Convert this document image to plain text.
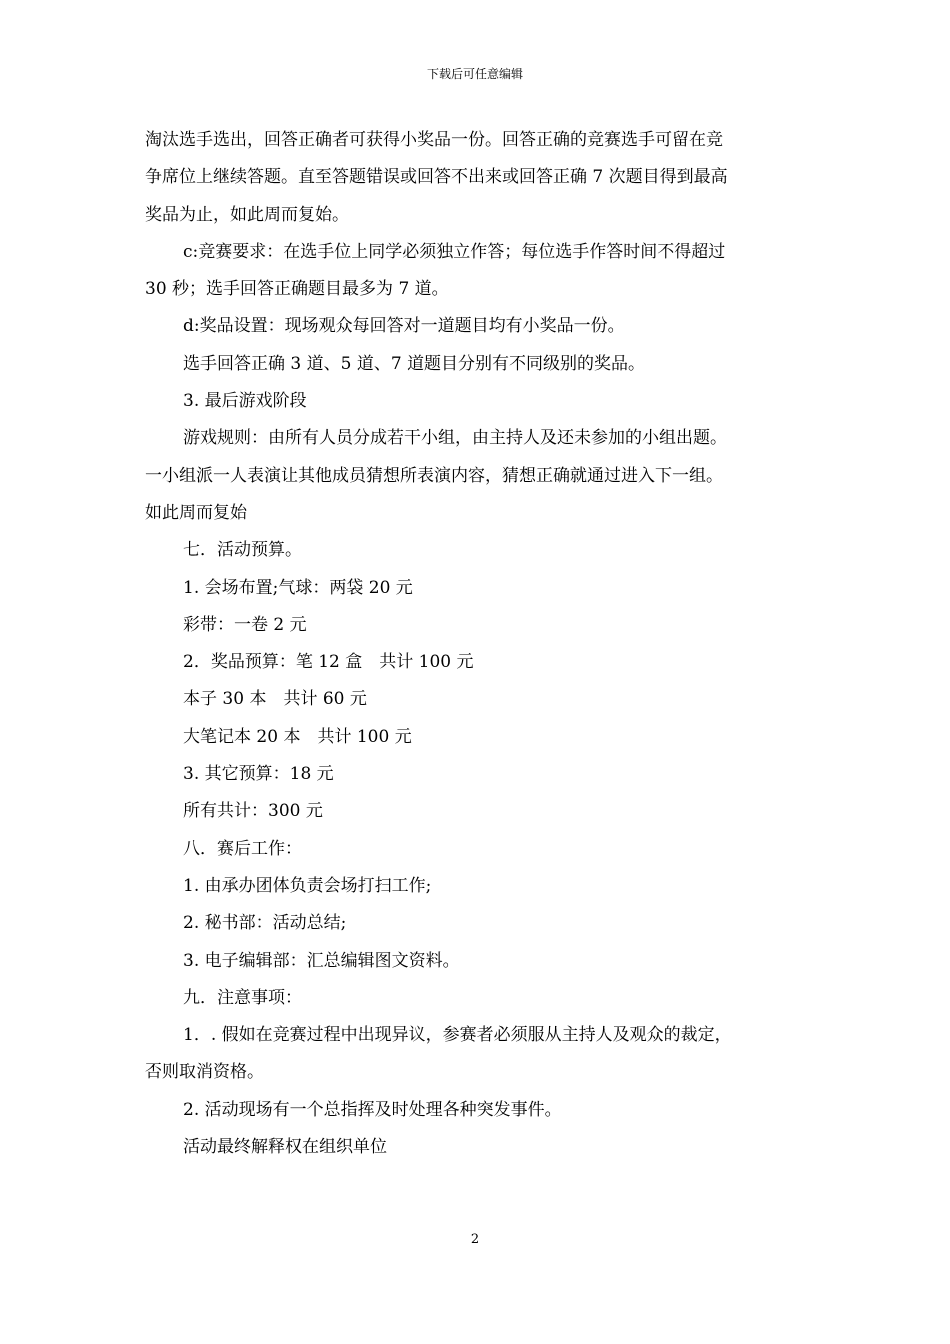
下载后可任意编辑

淘汰选手选出，回答正确者可获得小奖品一份。回答正确的竞赛选手可留在竞

争席位上继续答题。直至答题错误或回答不出来或回答正确 7 次题目得到最高

奖品为止，如此周而复始。

c:竞赛要求：在选手位上同学必须独立作答；每位选手作答时间不得超过

30 秒；选手回答正确题目最多为 7 道。

d:奖品设置：现场观众每回答对一道题目均有小奖品一份。

选手回答正确 3 道、5 道、7 道题目分别有不同级别的奖品。

3. 最后游戏阶段

游戏规则：由所有人员分成若干小组，由主持人及还未参加的小组出题。

一小组派一人表演让其他成员猜想所表演内容，猜想正确就通过进入下一组。

如此周而复始

七．活动预算。

1. 会场布置;气球：两袋 20 元

彩带：一卷 2 元

2．奖品预算：笔 12 盒　共计 100 元

本子 30 本　共计 60 元

大笔记本 20 本　共计 100 元

3. 其它预算：18 元

所有共计：300 元

八．赛后工作：

1. 由承办团体负责会场打扫工作;

2. 秘书部：活动总结;

3. 电子编辑部：汇总编辑图文资料。

九．注意事项：

1．. 假如在竞赛过程中出现异议，参赛者必须服从主持人及观众的裁定，

否则取消资格。

2. 活动现场有一个总指挥及时处理各种突发事件。

活动最终解释权在组织单位

2
